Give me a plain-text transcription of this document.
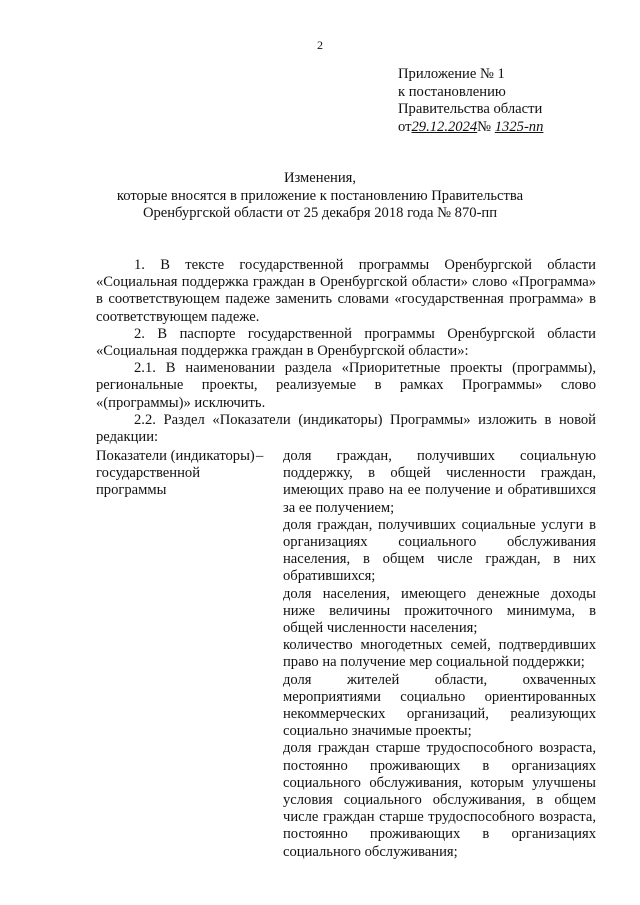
2
Приложение № 1
к постановлению
Правительства области
от29.12.2024№ 1325-пп
Изменения,
которые вносятся в приложение к постановлению Правительства
Оренбургской области от 25 декабря 2018 года № 870-пп

1. В тексте государственной программы Оренбургской области «Социальная поддержка граждан в Оренбургской области» слово «Программа» в соответствующем падеже заменить словами «государственная программа» в соответствующем падеже.

2. В паспорте государственной программы Оренбургской области «Социальная поддержка граждан в Оренбургской области»:

2.1. В наименовании раздела «Приоритетные проекты (программы), региональные проекты, реализуемые в рамках Программы» слово «(программы)» исключить.

2.2. Раздел «Показатели (индикаторы) Программы» изложить в новой редакции:

Показатели (индикаторы) государственной программы
–	доля граждан, получивших социальную поддержку, в общей численности граждан, имеющих право на ее получение и обратившихся за ее получением;

доля граждан, получивших социальные услуги в организациях социального обслуживания населения, в общем числе граждан, в них обратившихся;

доля населения, имеющего денежные доходы ниже величины прожиточного минимума, в общей численности населения;

количество многодетных семей, подтвердивших право на получение мер социальной поддержки;

доля жителей области, охваченных мероприятиями социально ориентированных некоммерческих организаций, реализующих социально значимые проекты;

доля граждан старше трудоспособного возраста, постоянно проживающих в организациях социального обслуживания, которым улучшены условия социального обслуживания, в общем числе граждан старше трудоспособного возраста, постоянно проживающих в организациях социального обслуживания;
